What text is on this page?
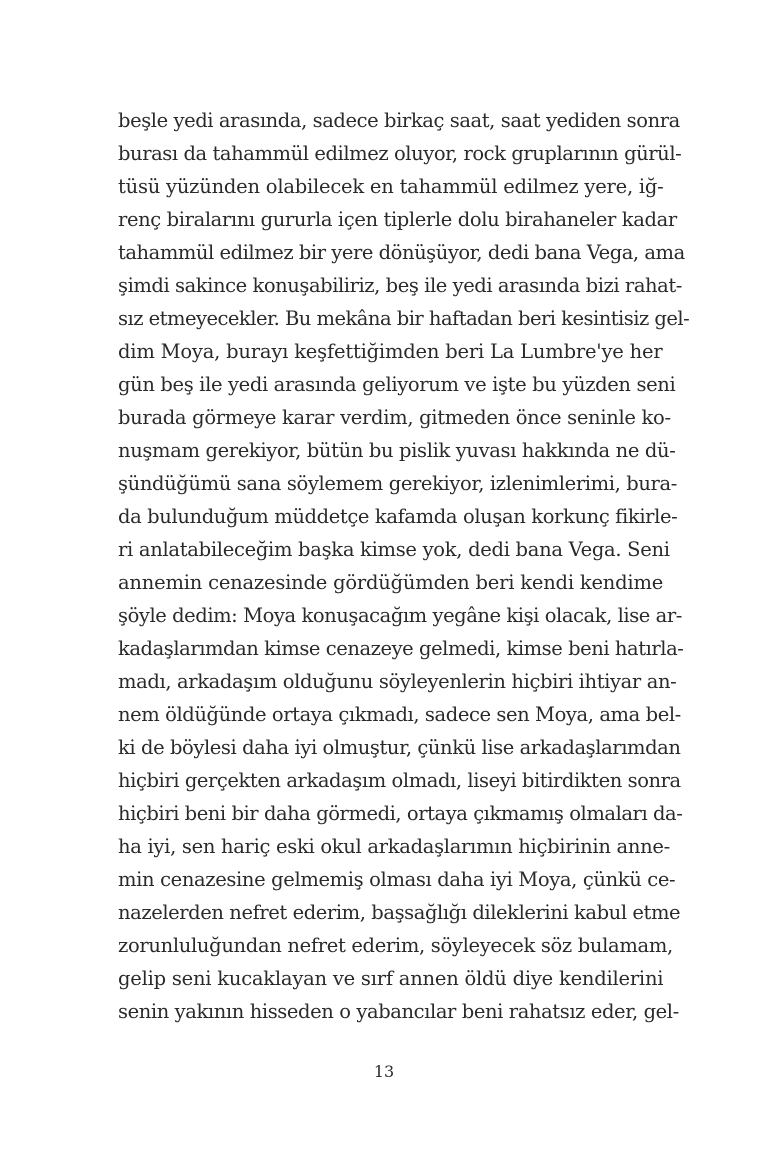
beşle yedi arasında, sadece birkaç saat, saat yediden sonra
burası da tahammül edilmez oluyor, rock gruplarının gürül-
tüsü yüzünden olabilecek en tahammül edilmez yere, iğ-
renç biralarını gururla içen tiplerle dolu birahaneler kadar
tahammül edilmez bir yere dönüşüyor, dedi bana Vega, ama
şimdi sakince konuşabiliriz, beş ile yedi arasında bizi rahat-
sız etmeyecekler. Bu mekâna bir haftadan beri kesintisiz gel-
dim Moya, burayı keşfettiğimden beri La Lumbre'ye her
gün beş ile yedi arasında geliyorum ve işte bu yüzden seni
burada görmeye karar verdim, gitmeden önce seninle ko-
nuşmam gerekiyor, bütün bu pislik yuvası hakkında ne dü-
şündüğümü sana söylemem gerekiyor, izlenimlerimi, bura-
da bulunduğum müddetçe kafamda oluşan korkunç fikirle-
ri anlatabileceğim başka kimse yok, dedi bana Vega. Seni
annemin cenazesinde gördüğümden beri kendi kendime
şöyle dedim: Moya konuşacağım yegâne kişi olacak, lise ar-
kadaşlarımdan kimse cenazeye gelmedi, kimse beni hatırla-
madı, arkadaşım olduğunu söyleyenlerin hiçbiri ihtiyar an-
nem öldüğünde ortaya çıkmadı, sadece sen Moya, ama bel-
ki de böylesi daha iyi olmuştur, çünkü lise arkadaşlarımdan
hiçbiri gerçekten arkadaşım olmadı, liseyi bitirdikten sonra
hiçbiri beni bir daha görmedi, ortaya çıkmamış olmaları da-
ha iyi, sen hariç eski okul arkadaşlarımın hiçbirinin anne-
min cenazesine gelmemiş olması daha iyi Moya, çünkü ce-
nazelerden nefret ederim, başsağlığı dileklerini kabul etme
zorunluluğundan nefret ederim, söyleyecek söz bulamam,
gelip seni kucaklayan ve sırf annen öldü diye kendilerini
senin yakının hisseden o yabancılar beni rahatsız eder, gel-
13
